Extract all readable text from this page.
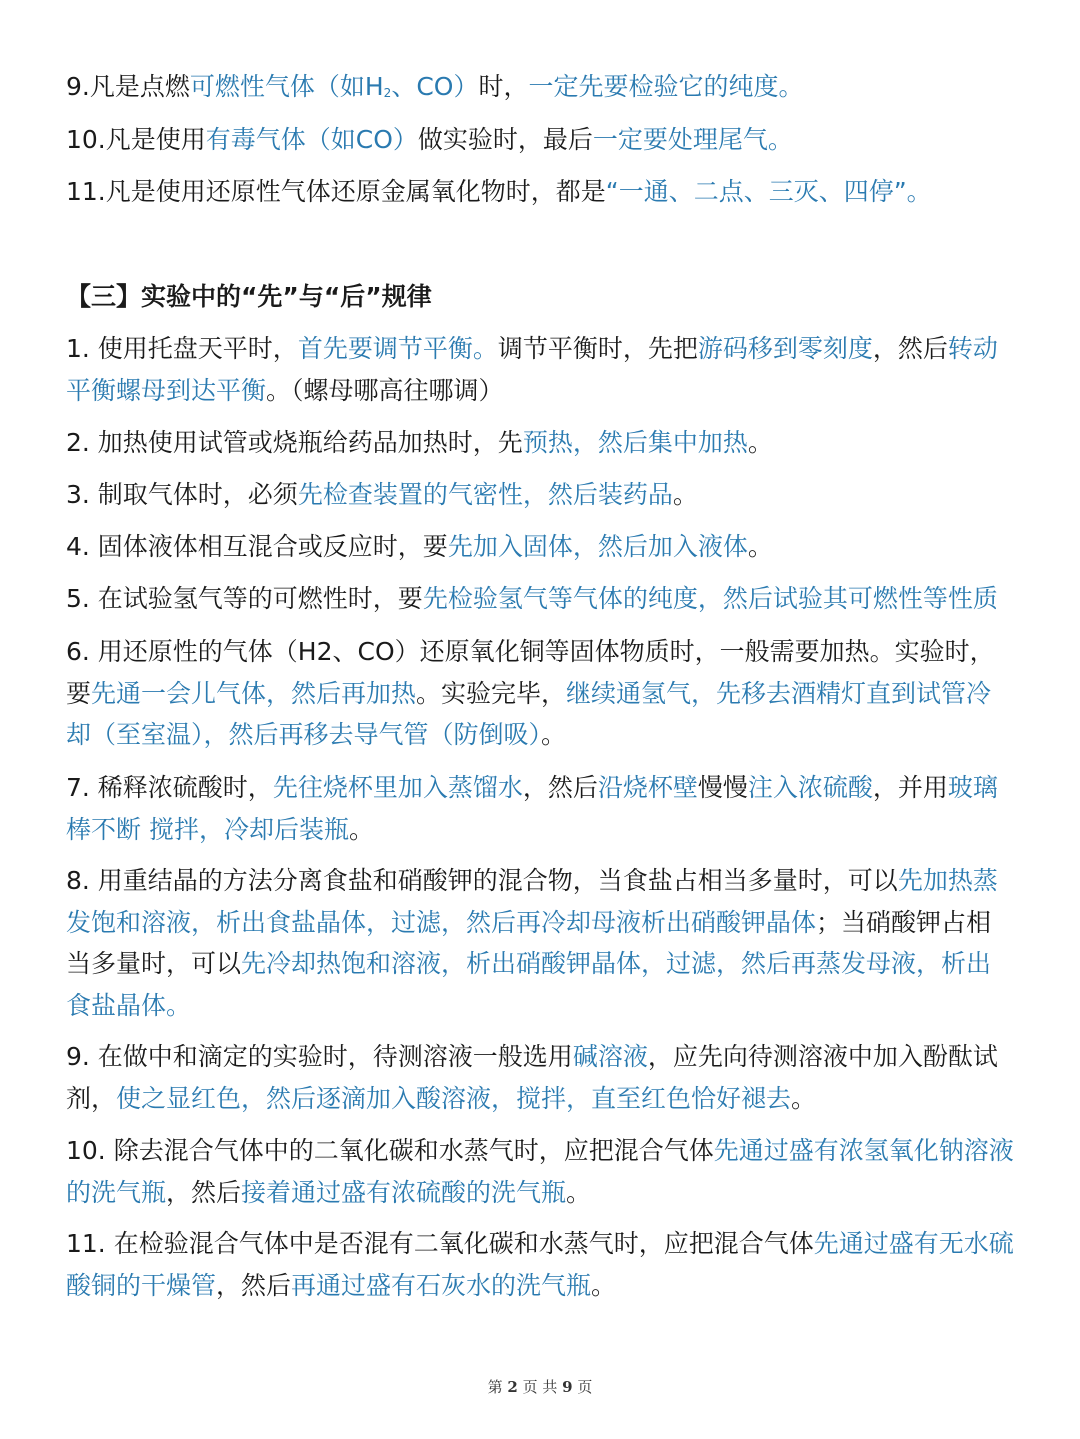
9.凡是点燃可燃性气体（如$H_2$、CO）时，一定先要检验它的纯度。

10.凡是使用有毒气体（如CO）做实验时，最后一定要处理尾气。

11.凡是使用还原性气体还原金属氧化物时，都是“一通、二点、三灭、四停”。

【三】实验中的“先”与“后”规律

1. 使用托盘天平时，首先要调节平衡。调节平衡时，先把游码移到零刻度，然后转动平衡螺母到达平衡。（螺母哪高往哪调）

2. 加热使用试管或烧瓶给药品加热时，先预热，然后集中加热。

3. 制取气体时，必须先检查装置的气密性，然后装药品。

4. 固体液体相互混合或反应时，要先加入固体，然后加入液体。

5. 在试验氢气等的可燃性时，要先检验氢气等气体的纯度，然后试验其可燃性等性质

6. 用还原性的气体（H2、CO）还原氧化铜等固体物质时，一般需要加热。实验时，要先通一会儿气体，然后再加热。实验完毕，继续通氢气，先移去酒精灯直到试管冷却（至室温），然后再移去导气管（防倒吸）。

7. 稀释浓硫酸时，先往烧杯里加入蒸馏水，然后沿烧杯壁慢慢注入浓硫酸，并用玻璃棒不断 搅拌，冷却后装瓶。

8. 用重结晶的方法分离食盐和硝酸钾的混合物，当食盐占相当多量时，可以先加热蒸发饱和溶液，析出食盐晶体，过滤，然后再冷却母液析出硝酸钾晶体；当硝酸钾占相当多量时，可以先冷却热饱和溶液，析出硝酸钾晶体，过滤，然后再蒸发母液，析出食盐晶体。

9. 在做中和滴定的实验时，待测溶液一般选用碱溶液，应先向待测溶液中加入酚酞试剂，使之显红色，然后逐滴加入酸溶液，搅拌，直至红色恰好褪去。

10. 除去混合气体中的二氧化碳和水蒸气时，应把混合气体先通过盛有浓氢氧化钠溶液的洗气瓶，然后接着通过盛有浓硫酸的洗气瓶。

11. 在检验混合气体中是否混有二氧化碳和水蒸气时，应把混合气体先通过盛有无水硫酸铜的干燥管，然后再通过盛有石灰水的洗气瓶。

第 2 页 共 9 页
